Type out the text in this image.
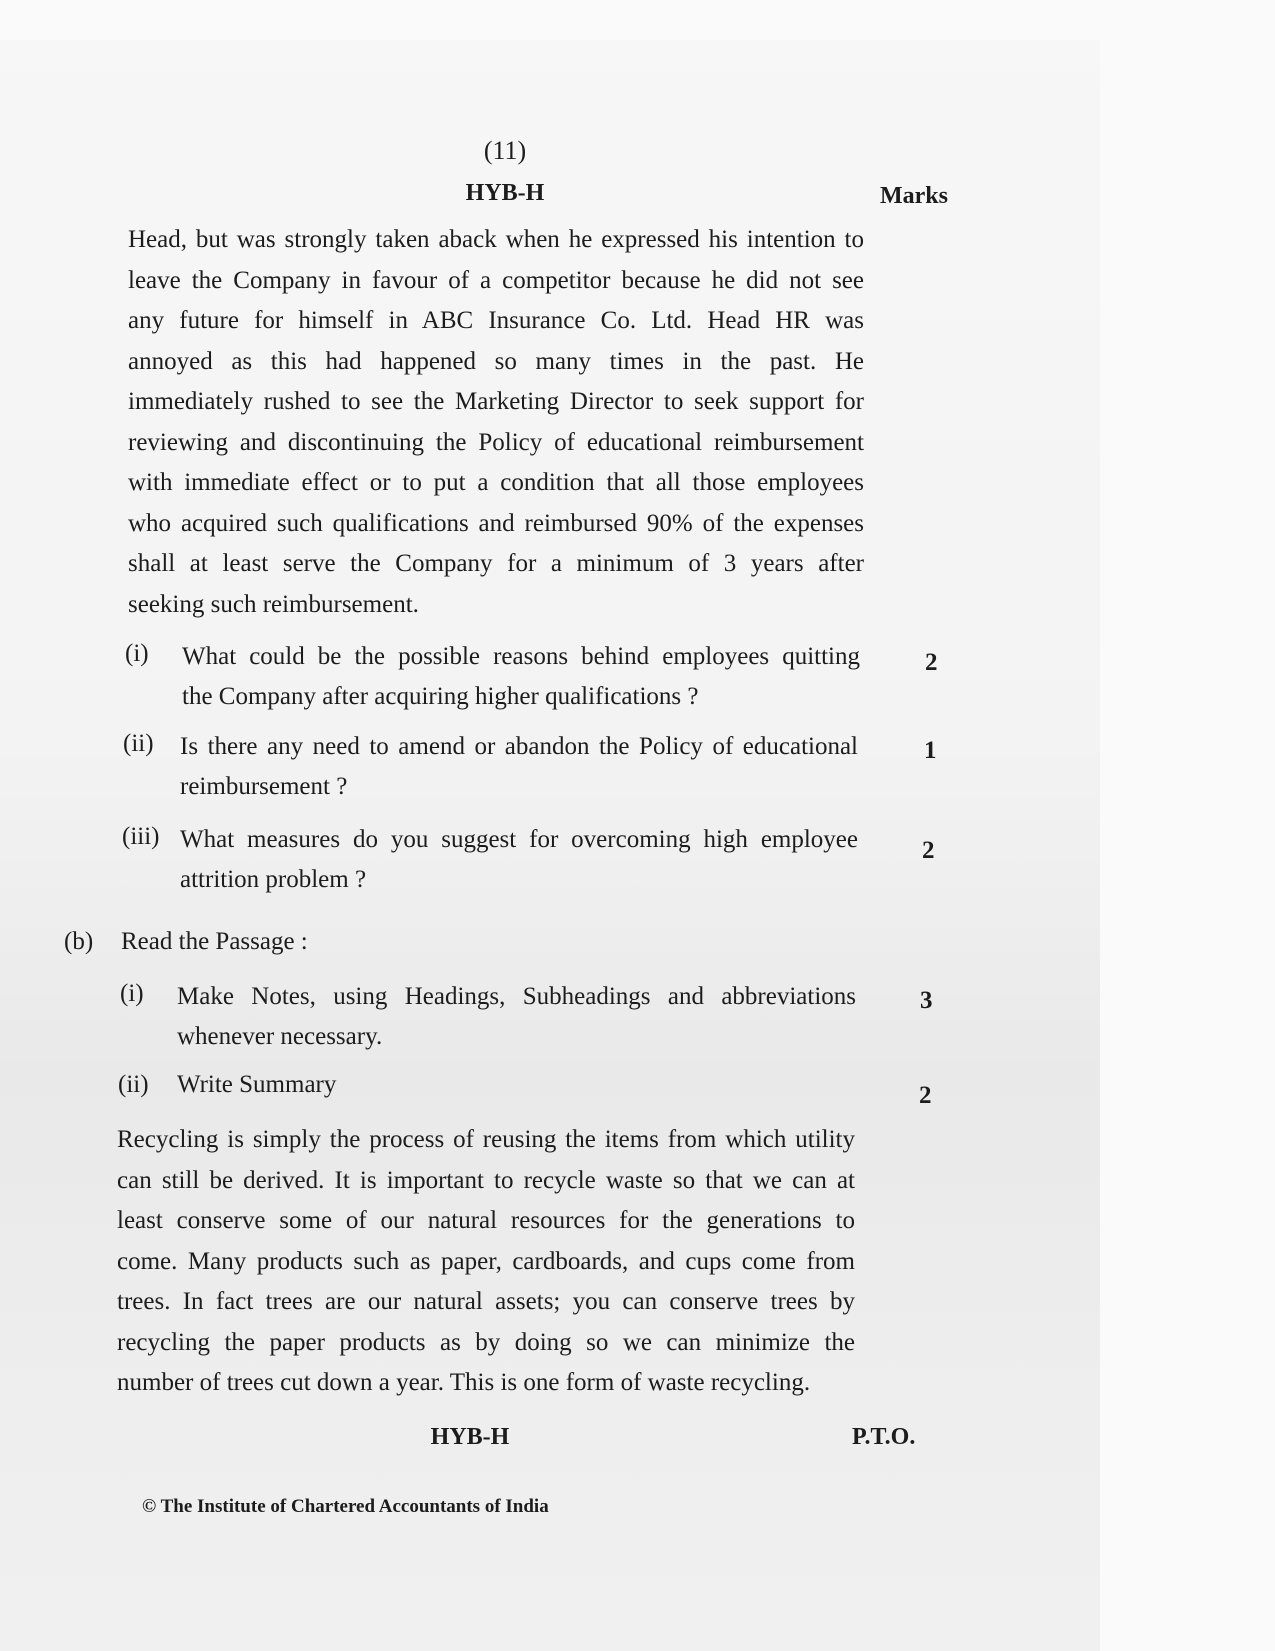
(11)
HYB-H	Marks
Head, but was strongly taken aback when he expressed his intention to
leave the Company in favour of a competitor because he did not see
any future for himself in ABC Insurance Co. Ltd. Head HR was
annoyed as this had happened so many times in the past. He
immediately rushed to see the Marketing Director to seek support for
reviewing and discontinuing the Policy of educational reimbursement
with immediate effect or to put a condition that all those employees
who acquired such qualifications and reimbursed 90% of the expenses
shall at least serve the Company for a minimum of 3 years after
seeking such reimbursement.
(i) What could be the possible reasons behind employees quitting
the Company after acquiring higher qualifications ?
2
(ii) Is there any need to amend or abandon the Policy of educational
reimbursement ?
1
(iii) What measures do you suggest for overcoming high employee
attrition problem ?
2
(b) Read the Passage :
(i) Make Notes, using Headings, Subheadings and abbreviations
whenever necessary.
3
(ii) Write Summary	2
Recycling is simply the process of reusing the items from which utility
can still be derived. It is important to recycle waste so that we can at
least conserve some of our natural resources for the generations to
come. Many products such as paper, cardboards, and cups come from
trees. In fact trees are our natural assets; you can conserve trees by
recycling the paper products as by doing so we can minimize the
number of trees cut down a year. This is one form of waste recycling.
HYB-H	P.T.O.
© The Institute of Chartered Accountants of India
